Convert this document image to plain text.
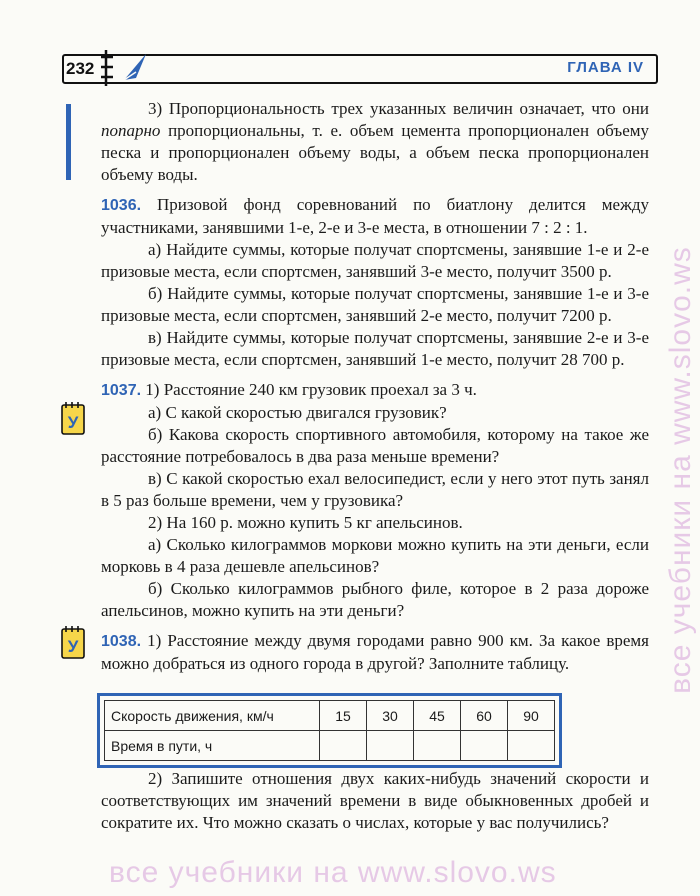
232	ГЛАВА IV
У
У

3) Пропорциональность трех указанных величин означает, что они попарно пропорциональны, т. е. объем цемента пропорционален объему песка и пропорционален объему воды, а объем песка пропорционален объему воды.

1036. Призовой фонд соревнований по биатлону делится между участниками, занявшими 1-е, 2-е и 3-е места, в отношении 7 : 2 : 1.

а) Найдите суммы, которые получат спортсмены, занявшие 1-е и 2-е призовые места, если спортсмен, занявший 3-е место, получит 3500 р.

б) Найдите суммы, которые получат спортсмены, занявшие 1-е и 3-е призовые места, если спортсмен, занявший 2-е место, получит 7200 р.

в) Найдите суммы, которые получат спортсмены, занявшие 2-е и 3-е призовые места, если спортсмен, занявший 1-е место, получит 28 700 р.

1037. 1) Расстояние 240 км грузовик проехал за 3 ч.

а) С какой скоростью двигался грузовик?

б) Какова скорость спортивного автомобиля, которому на такое же расстояние потребовалось в два раза меньше времени?

в) С какой скоростью ехал велосипедист, если у него этот путь занял в 5 раз больше времени, чем у грузовика?

2) На 160 р. можно купить 5 кг апельсинов.

а) Сколько килограммов моркови можно купить на эти деньги, если морковь в 4 раза дешевле апельсинов?

б) Сколько килограммов рыбного филе, которое в 2 раза дороже апельсинов, можно купить на эти деньги?

1038. 1) Расстояние между двумя городами равно 900 км. За какое время можно добраться из одного города в другой? Заполните таблицу.

Скорость движения, км/ч	15	30	45	60	90
Время в пути, ч					

2) Запишите отношения двух каких-нибудь значений скорости и соответствующих им значений времени в виде обыкновенных дробей и сократите их. Что можно сказать о числах, которые у вас получились?

все учебники на www.slovo.ws
все учебники на www.slovo.ws
